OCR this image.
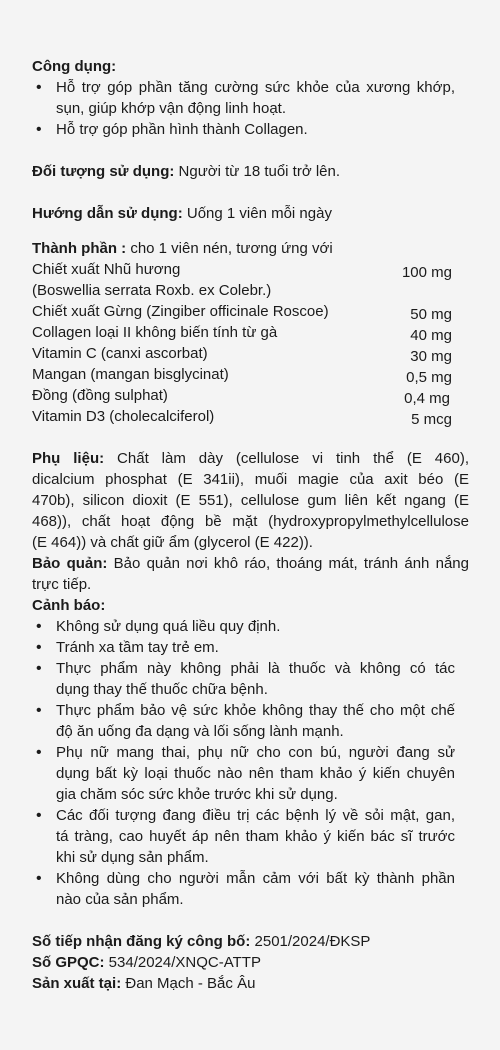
Công dụng:
• Hỗ trợ góp phần tăng cường sức khỏe của xương khớp,
sụn, giúp khớp vận động linh hoạt.
• Hỗ trợ góp phần hình thành Collagen.
Đối tượng sử dụng: Người từ 18 tuổi trở lên.
Hướng dẫn sử dụng: Uống 1 viên mỗi ngày
Thành phần : cho 1 viên nén, tương ứng với
Chiết xuất Nhũ hương	100 mg
(Boswellia serrata Roxb. ex Colebr.)
Chiết xuất Gừng (Zingiber officinale Roscoe)	50 mg
Collagen loại II không biến tính từ gà	40 mg
Vitamin C (canxi ascorbat)	30 mg
Mangan (mangan bisglycinat)	0,5 mg
Đồng (đồng sulphat)	0,4 mg
Vitamin D3 (cholecalciferol)	5 mcg
Phụ liệu: Chất làm dày (cellulose vi tinh thể (E 460),
dicalcium phosphat (E 341ii), muối magie của axit béo (E
470b), silicon dioxit (E 551), cellulose gum liên kết ngang (E
468)), chất hoạt động bề mặt (hydroxypropylmethylcellulose
(E 464)) và chất giữ ẩm (glycerol (E 422)).
Bảo quản: Bảo quản nơi khô ráo, thoáng mát, tránh ánh nắng
trực tiếp.
Cảnh báo:
• Không sử dụng quá liều quy định.
• Tránh xa tầm tay trẻ em.
• Thực phẩm này không phải là thuốc và không có tác
dụng thay thế thuốc chữa bệnh.
• Thực phẩm bảo vệ sức khỏe không thay thế cho một chế
độ ăn uống đa dạng và lối sống lành mạnh.
• Phụ nữ mang thai, phụ nữ cho con bú, người đang sử
dụng bất kỳ loại thuốc nào nên tham khảo ý kiến chuyên
gia chăm sóc sức khỏe trước khi sử dụng.
• Các đối tượng đang điều trị các bệnh lý về sỏi mật, gan,
tá tràng, cao huyết áp nên tham khảo ý kiến bác sĩ trước
khi sử dụng sản phẩm.
• Không dùng cho người mẫn cảm với bất kỳ thành phần
nào của sản phẩm.
Số tiếp nhận đăng ký công bố: 2501/2024/ĐKSP
Số GPQC: 534/2024/XNQC-ATTP
Sản xuất tại: Đan Mạch - Bắc Âu
